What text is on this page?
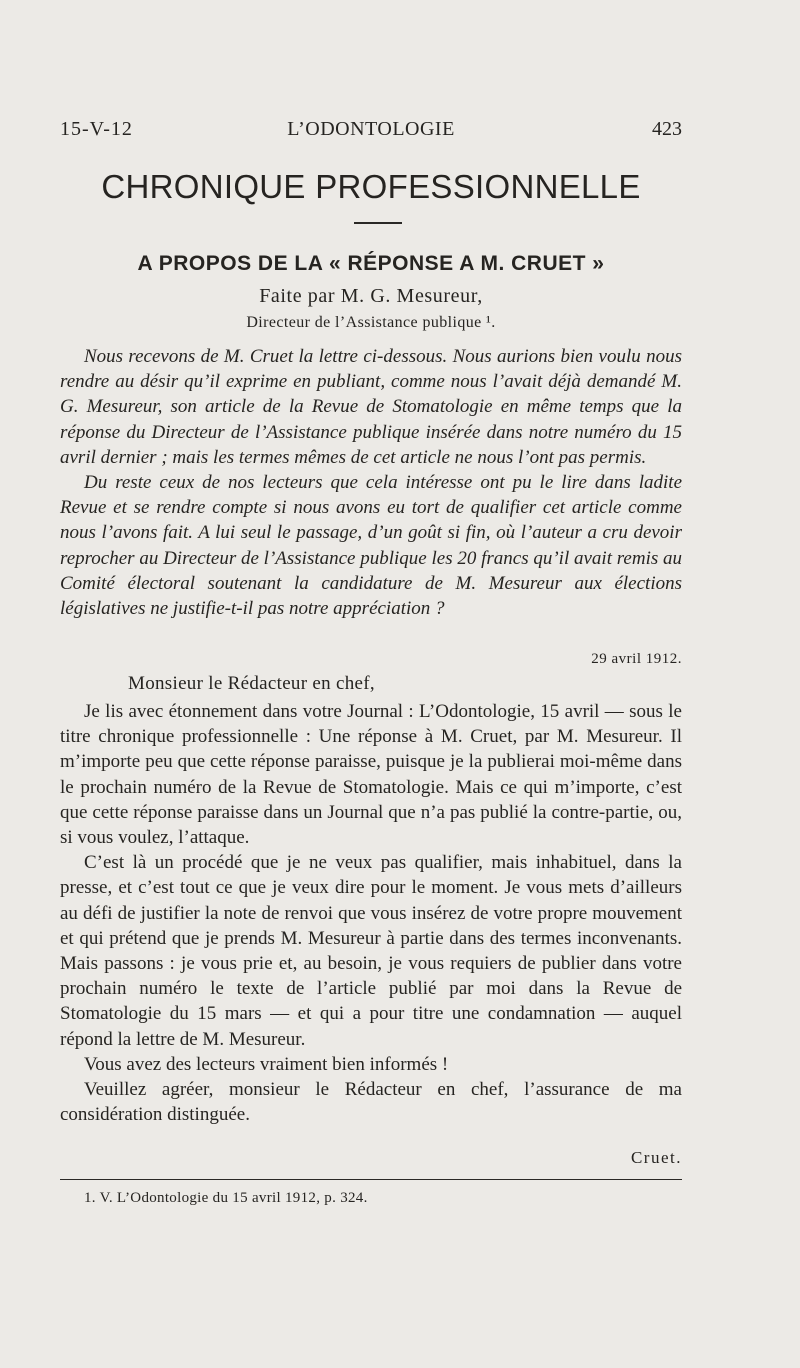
15-V-12	L’ODONTOLOGIE	423
CHRONIQUE PROFESSIONNELLE
A PROPOS DE LA « RÉPONSE A M. CRUET »
Faite par M. G. Mesureur,
Directeur de l’Assistance publique ¹.

Nous recevons de M. Cruet la lettre ci-dessous. Nous aurions bien voulu nous rendre au désir qu’il exprime en publiant, comme nous l’avait déjà demandé M. G. Mesureur, son article de la Revue de Stomatologie en même temps que la réponse du Directeur de l’Assistance publique insérée dans notre numéro du 15 avril dernier ; mais les termes mêmes de cet article ne nous l’ont pas permis.

Du reste ceux de nos lecteurs que cela intéresse ont pu le lire dans ladite Revue et se rendre compte si nous avons eu tort de qualifier cet article comme nous l’avons fait. A lui seul le passage, d’un goût si fin, où l’auteur a cru devoir reprocher au Directeur de l’Assistance publique les 20 francs qu’il avait remis au Comité électoral soutenant la candidature de M. Mesureur aux élections législatives ne justifie-t-il pas notre appréciation ?

29 avril 1912.
Monsieur le Rédacteur en chef,

Je lis avec étonnement dans votre Journal : L’Odontologie, 15 avril — sous le titre chronique professionnelle : Une réponse à M. Cruet, par M. Mesureur. Il m’importe peu que cette réponse paraisse, puisque je la publierai moi-même dans le prochain numéro de la Revue de Stomatologie. Mais ce qui m’importe, c’est que cette réponse paraisse dans un Journal que n’a pas publié la contre-partie, ou, si vous voulez, l’attaque.

C’est là un procédé que je ne veux pas qualifier, mais inhabituel, dans la presse, et c’est tout ce que je veux dire pour le moment. Je vous mets d’ailleurs au défi de justifier la note de renvoi que vous insérez de votre propre mouvement et qui prétend que je prends M. Mesureur à partie dans des termes inconvenants. Mais passons : je vous prie et, au besoin, je vous requiers de publier dans votre prochain numéro le texte de l’article publié par moi dans la Revue de Stomatologie du 15 mars — et qui a pour titre une condamnation — auquel répond la lettre de M. Mesureur.

Vous avez des lecteurs vraiment bien informés !

Veuillez agréer, monsieur le Rédacteur en chef, l’assurance de ma considération distinguée.

Cruet.
1. V. L’Odontologie du 15 avril 1912, p. 324.
